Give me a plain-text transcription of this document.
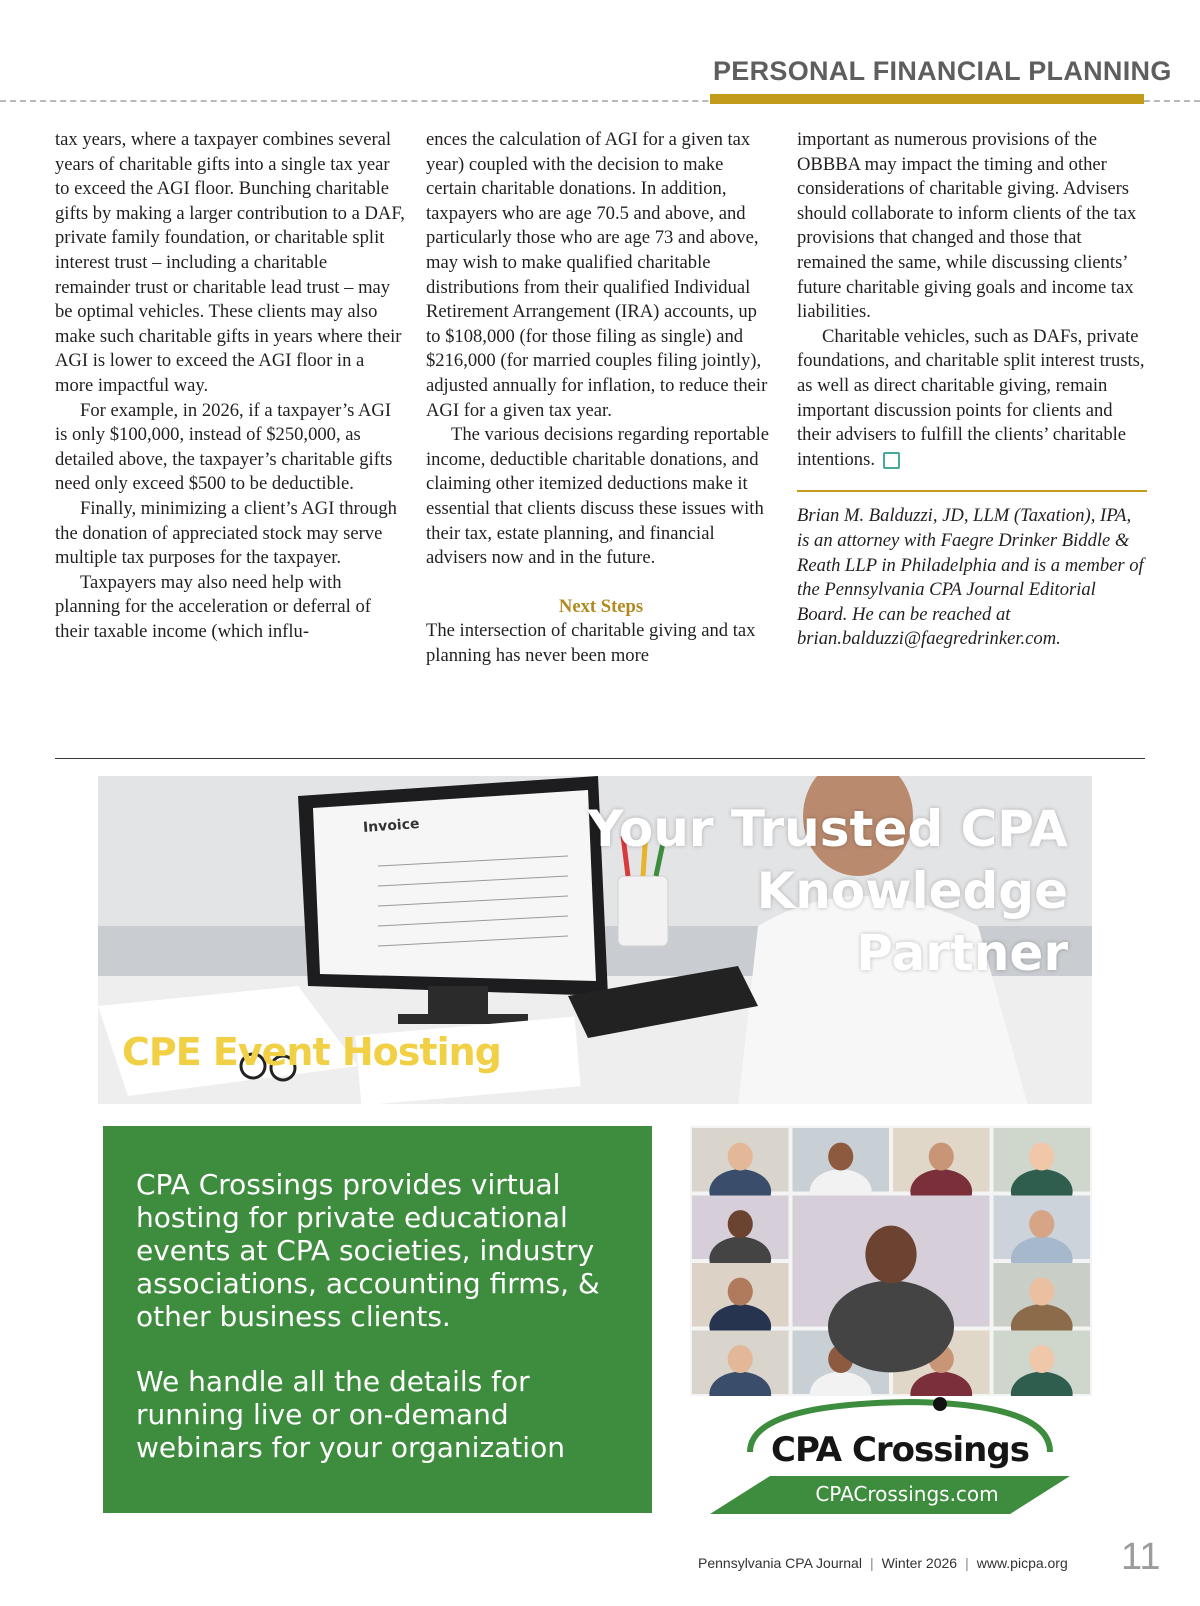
PERSONAL FINANCIAL PLANNING

tax years, where a taxpayer combines several years of charitable gifts into a single tax year to exceed the AGI floor. Bunching charitable gifts by making a larger contribution to a DAF, private family foundation, or charitable split interest trust – including a charitable remainder trust or charitable lead trust – may be optimal vehicles. These clients may also make such charitable gifts in years where their AGI is lower to exceed the AGI floor in a more impactful way.

For example, in 2026, if a taxpayer’s AGI is only $100,000, instead of $250,000, as detailed above, the taxpayer’s charitable gifts need only exceed $500 to be deductible.

Finally, minimizing a client’s AGI through the donation of appreciated stock may serve multiple tax purposes for the taxpayer.

Taxpayers may also need help with planning for the acceleration or deferral of their taxable income (which influ-

ences the calculation of AGI for a given tax year) coupled with the decision to make certain charitable donations. In addition, taxpayers who are age 70.5 and above, and particularly those who are age 73 and above, may wish to make qualified charitable distributions from their qualified Individual Retirement Arrangement (IRA) accounts, up to $108,000 (for those filing as single) and $216,000 (for married couples filing jointly), adjusted annually for inflation, to reduce their AGI for a given tax year.

The various decisions regarding reportable income, deductible charitable donations, and claiming other itemized deductions make it essential that clients discuss these issues with their tax, estate planning, and financial advisers now and in the future.

Next Steps

The intersection of charitable giving and tax planning has never been more

important as numerous provisions of the OBBBA may impact the timing and other considerations of charitable giving. Advisers should collaborate to inform clients of the tax provisions that changed and those that remained the same, while discussing clients’ future charitable giving goals and income tax liabilities.

Charitable vehicles, such as DAFs, private foundations, and charitable split interest trusts, as well as direct charitable giving, remain important discussion points for clients and their advisers to fulfill the clients’ charitable intentions.

Brian M. Balduzzi, JD, LLM (Taxation), IPA, is an attorney with Faegre Drinker Biddle & Reath LLP in Philadelphia and is a member of the Pennsylvania CPA Journal Editorial Board. He can be reached at brian.balduzzi@faegredrinker.com.

Invoice	Your Trusted CPA
Knowledge
Partner
CPE Event Hosting

CPA Crossings provides virtual hosting for private educational events at CPA societies, industry associations, accounting firms, & other business clients.

We handle all the details for running live or on-demand webinars for your organization	CPA Crossings
CPACrossings.com
Pennsylvania CPA Journal | Winter 2026 | www.picpa.org	11
